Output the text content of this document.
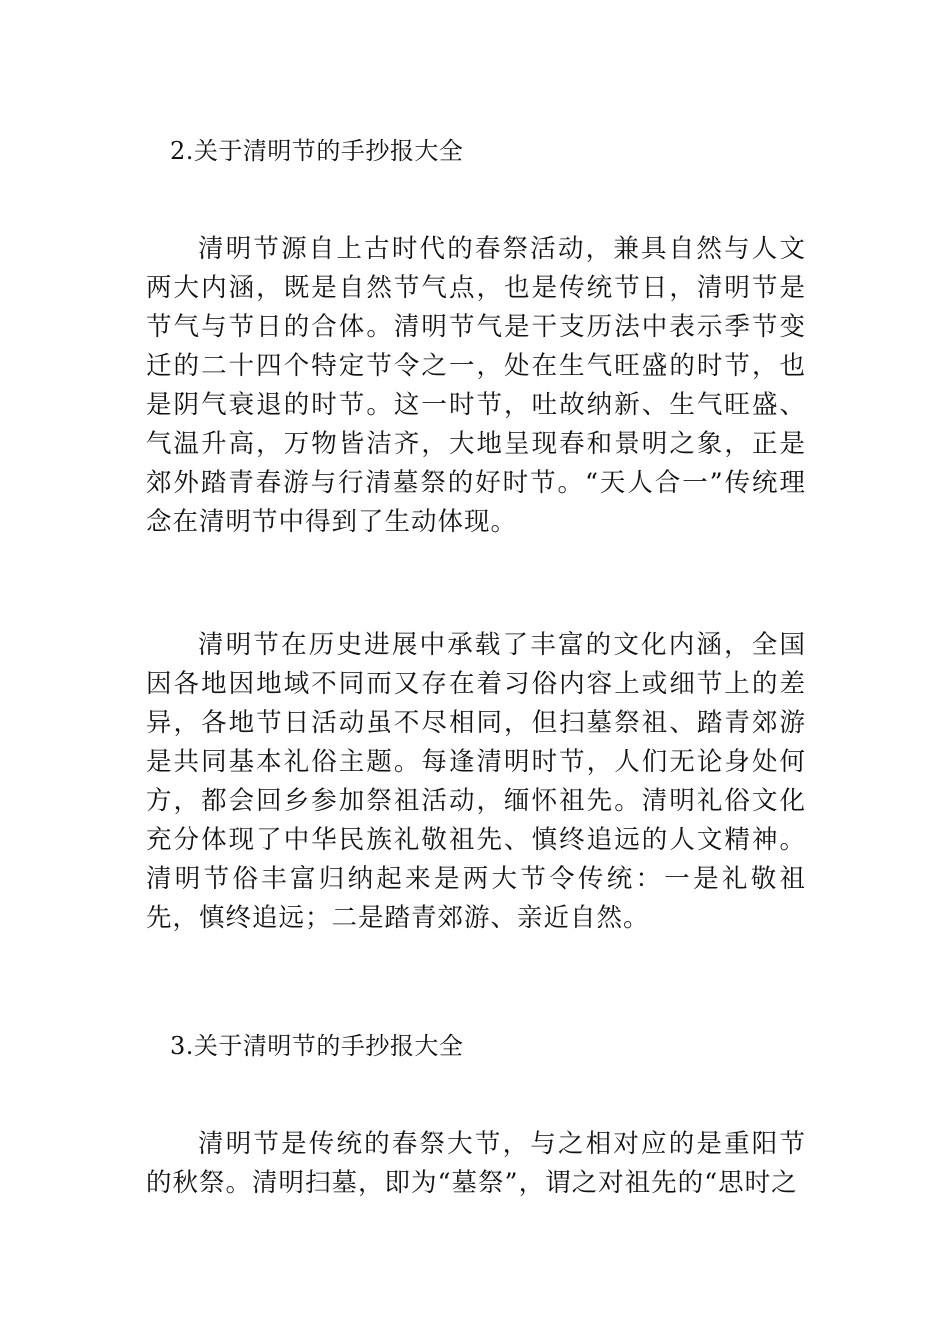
2.关于清明节的手抄报大全

清明节源自上古时代的春祭活动，兼具自然与人文两大内涵，既是自然节气点，也是传统节日，清明节是节气与节日的合体。清明节气是干支历法中表示季节变迁的二十四个特定节令之一，处在生气旺盛的时节，也是阴气衰退的时节。这一时节，吐故纳新、生气旺盛、气温升高，万物皆洁齐，大地呈现春和景明之象，正是郊外踏青春游与行清墓祭的好时节。“天人合一”传统理念在清明节中得到了生动体现。

清明节在历史进展中承载了丰富的文化内涵，全国因各地因地域不同而又存在着习俗内容上或细节上的差异，各地节日活动虽不尽相同，但扫墓祭祖、踏青郊游是共同基本礼俗主题。每逢清明时节，人们无论身处何方，都会回乡参加祭祖活动，缅怀祖先。清明礼俗文化充分体现了中华民族礼敬祖先、慎终追远的人文精神。清明节俗丰富归纳起来是两大节令传统：一是礼敬祖先，慎终追远；二是踏青郊游、亲近自然。

3.关于清明节的手抄报大全

清明节是传统的春祭大节，与之相对应的是重阳节的秋祭。清明扫墓，即为“墓祭”，谓之对祖先的“思时之
